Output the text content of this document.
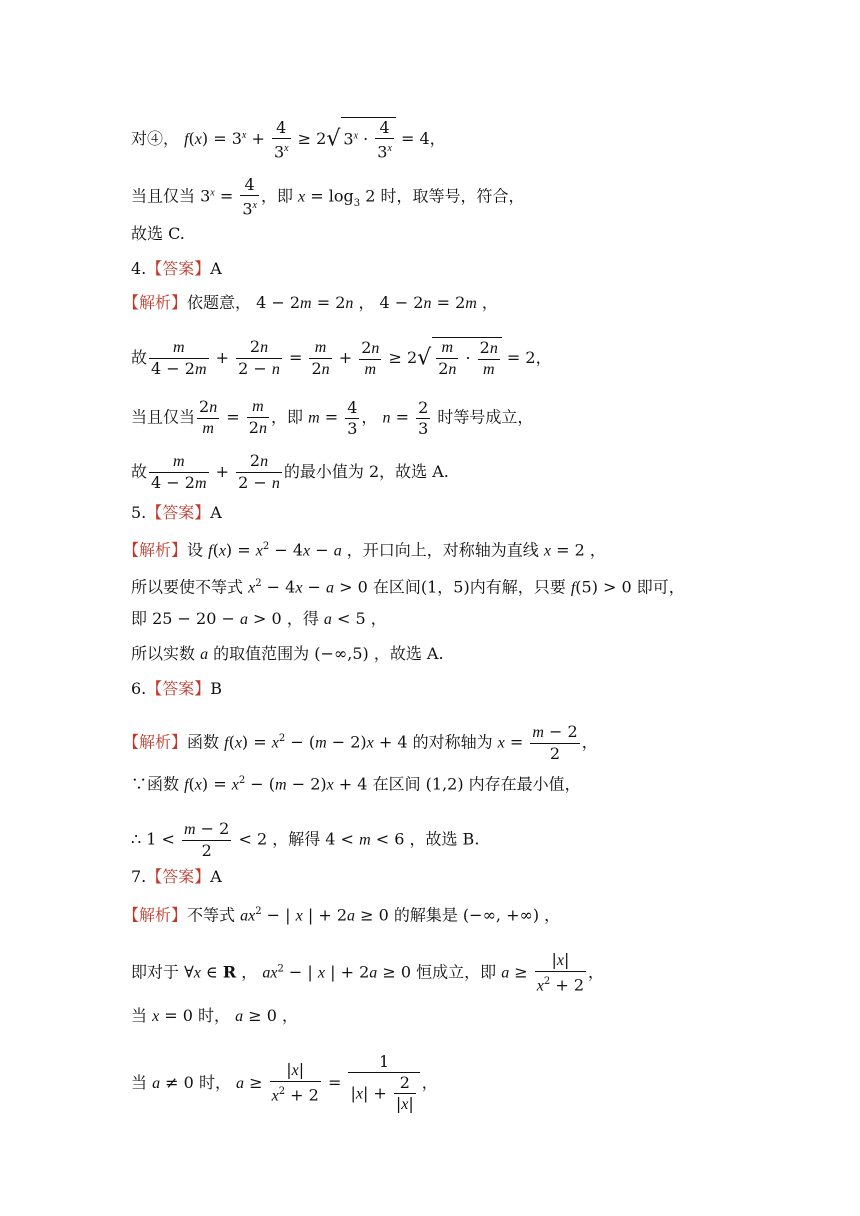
对④， $f(x) = 3^x + \frac{4}{3^x} \ge 2√$ $3^x \cdot \frac{4}{3^x} = 4$，
当且仅当 $3^x = \frac{4}{3^x}$ ，即 $x = \log_3 2$ 时，取等号，符合，
故选 C.
4.【答案】A
【解析】依题意， 4 − 2m = 2n ， 4 − 2n = 2m ，
故 $\frac{m}{4 - 2m} + \frac{2n}{2 - n} = \frac{m}{2n} + \frac{2n}{m} \ge 2√ \frac{m}{2n} \cdot \frac{2n}{m} = 2$，
当且仅当 $\frac{2n}{m} = \frac{m}{2n}$ ，即 $m = \frac{4}{3}$ ， $n = \frac{2}{3}$ 时等号成立，
故 $\frac{m}{4 - 2m} + \frac{2n}{2 - n}$ 的最小值为 2，故选 A.
5.【答案】A
【解析】设 $f(x) = x^2 - 4x - a$ ，开口向上，对称轴为直线 x = 2 ，
所以要使不等式 $x^2 - 4x - a > 0$ 在区间(1，5)内有解，只要 f(5) > 0 即可，
即 25 − 20 − a > 0 ，得 a < 5 ，
所以实数 a 的取值范围为 (−∞,5) ，故选 A.
6.【答案】B
【解析】函数 $f(x) = x^2 - (m - 2)x + 4$ 的对称轴为 $x = \frac{m - 2}{2}$ ，
∵函数 $f(x) = x^2 - (m - 2)x + 4$ 在区间 (1,2) 内存在最小值，
∴ $1 < \frac{m - 2}{2} < 2$ ，解得 4 < m < 6 ，故选 B.
7.【答案】A
【解析】不等式 $ax^2$ − | x | + 2a ≥ 0 的解集是 (−∞, +∞) ，
即对于 ∀x ∈ R ， $ax^2$ − | x | + 2a ≥ 0 恒成立，即 $a \ge \frac{|x|}{x^2 + 2}$ ，
当 x = 0 时， a ≥ 0 ，
当 a ≠ 0 时， $a \ge \frac{|x|}{x^2 + 2} = \frac{1}{|x| + \frac{2}{|x|}}$ ，
